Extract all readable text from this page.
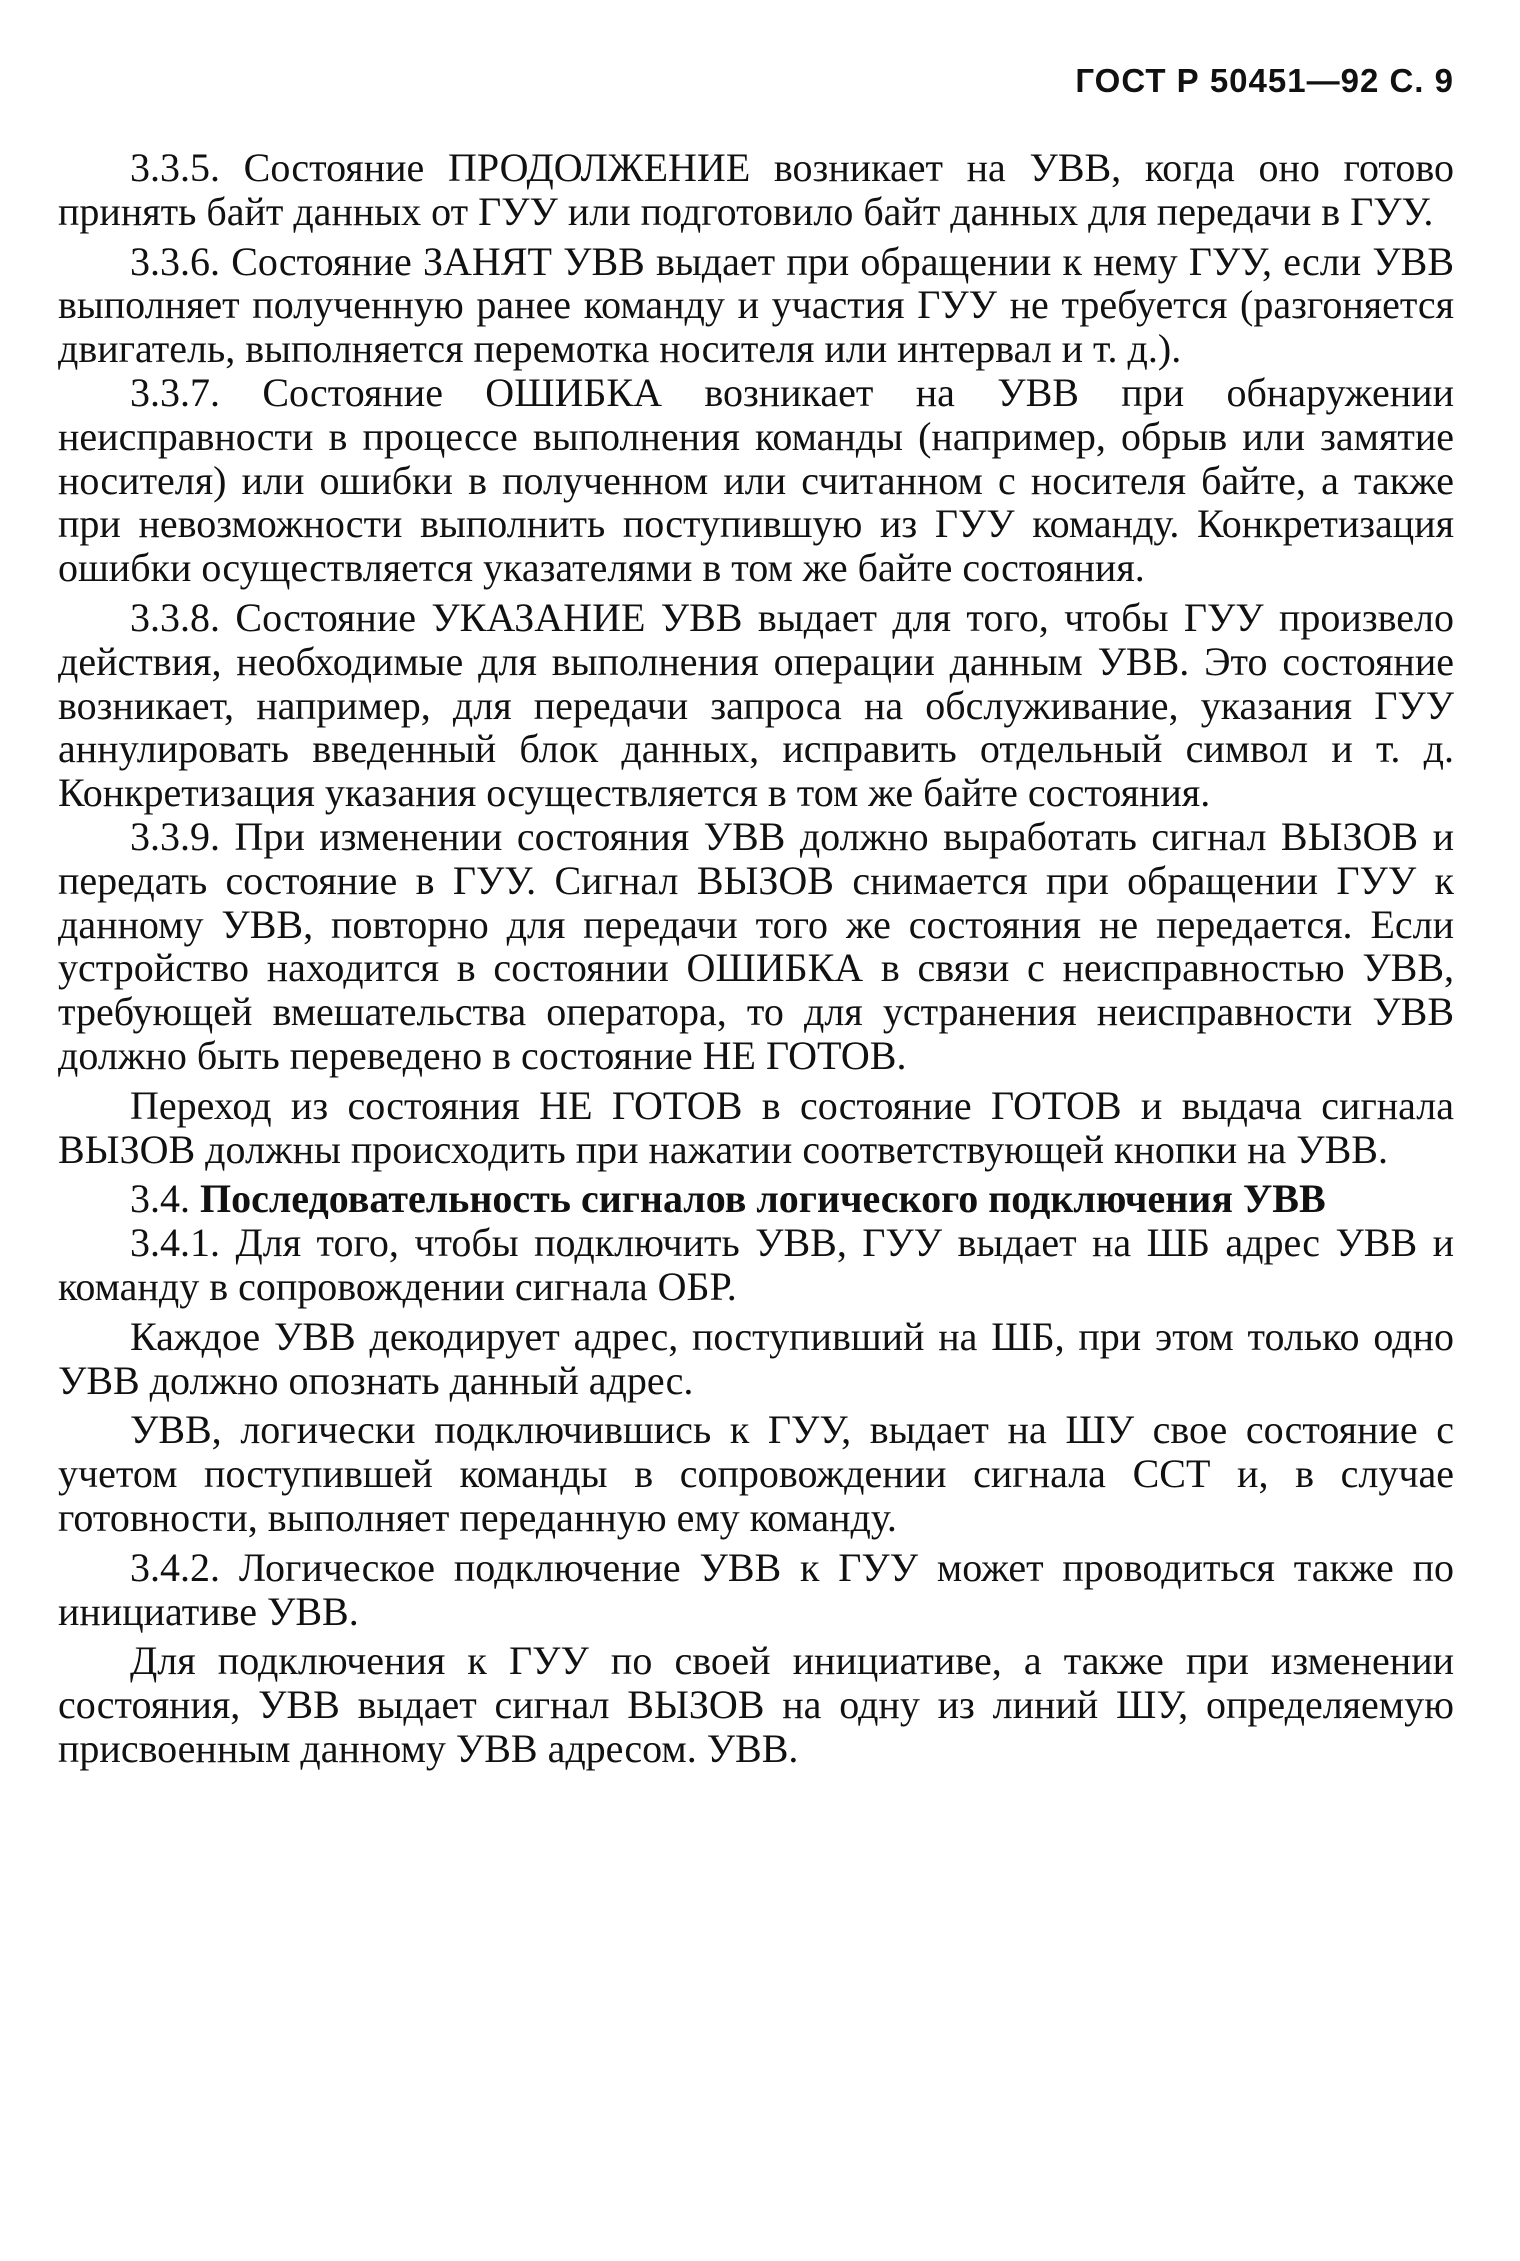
ГОСТ Р 50451—92 С. 9

3.3.5. Состояние ПРОДОЛЖЕНИЕ возникает на УВВ, когда оно готово принять байт данных от ГУУ или подготовило байт данных для передачи в ГУУ.

3.3.6. Состояние ЗАНЯТ УВВ выдает при обращении к нему ГУУ, если УВВ выполняет полученную ранее команду и участия ГУУ не требуется (разгоняется двигатель, выполняется перемотка носителя или интервал и т. д.).

3.3.7. Состояние ОШИБКА возникает на УВВ при обнаружении неисправности в процессе выполнения команды (например, обрыв или замятие носителя) или ошибки в полученном или считанном с носителя байте, а также при невозможности выполнить поступившую из ГУУ команду. Конкретизация ошибки осуществляется указателями в том же байте состояния.

3.3.8. Состояние УКАЗАНИЕ УВВ выдает для того, чтобы ГУУ произвело действия, необходимые для выполнения операции данным УВВ. Это состояние возникает, например, для передачи запроса на обслуживание, указания ГУУ аннулировать введенный блок данных, исправить отдельный символ и т. д. Конкретизация указания осуществляется в том же байте состояния.

3.3.9. При изменении состояния УВВ должно выработать сигнал ВЫЗОВ и передать состояние в ГУУ. Сигнал ВЫЗОВ снимается при обращении ГУУ к данному УВВ, повторно для передачи того же состояния не передается. Если устройство находится в состоянии ОШИБКА в связи с неисправностью УВВ, требующей вмешательства оператора, то для устранения неисправности УВВ должно быть переведено в состояние НЕ ГОТОВ.

Переход из состояния НЕ ГОТОВ в состояние ГОТОВ и выдача сигнала ВЫЗОВ должны происходить при нажатии соответствующей кнопки на УВВ.

3.4. Последовательность сигналов логического подключения УВВ

3.4.1. Для того, чтобы подключить УВВ, ГУУ выдает на ШБ адрес УВВ и команду в сопровождении сигнала ОБР.

Каждое УВВ декодирует адрес, поступивший на ШБ, при этом только одно УВВ должно опознать данный адрес.

УВВ, логически подключившись к ГУУ, выдает на ШУ свое состояние с учетом поступившей команды в сопровождении сигнала ССТ и, в случае готовности, выполняет переданную ему команду.

3.4.2. Логическое подключение УВВ к ГУУ может проводиться также по инициативе УВВ.

Для подключения к ГУУ по своей инициативе, а также при изменении состояния, УВВ выдает сигнал ВЫЗОВ на одну из линий ШУ, определяемую присвоенным данному УВВ адресом. УВВ.
